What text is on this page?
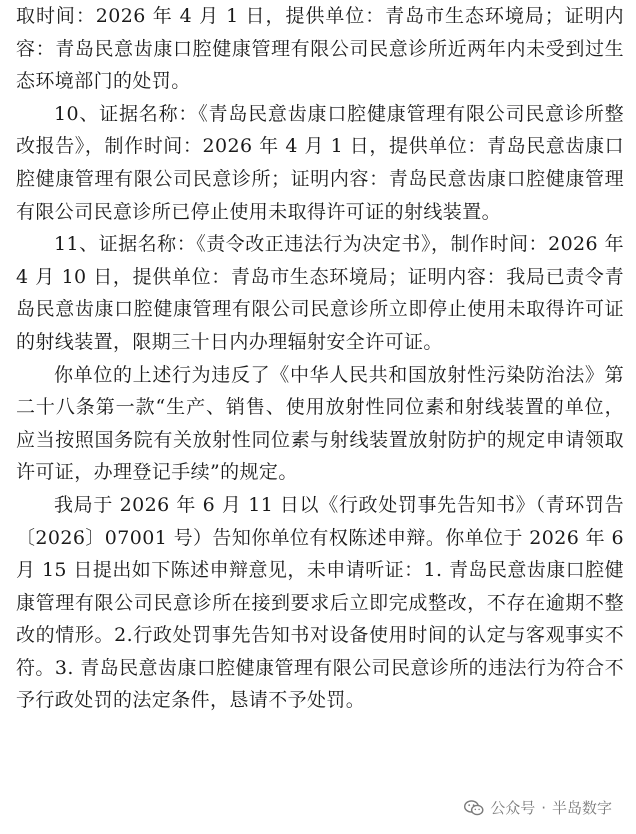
取时间：2026 年 4 月 1 日，提供单位：青岛市生态环境局；证明内容：青岛民意齿康口腔健康管理有限公司民意诊所近两年内未受到过生态环境部门的处罚。

10、证据名称：《青岛民意齿康口腔健康管理有限公司民意诊所整改报告》，制作时间：2026 年 4 月 1 日，提供单位：青岛民意齿康口腔健康管理有限公司民意诊所；证明内容：青岛民意齿康口腔健康管理有限公司民意诊所已停止使用未取得许可证的射线装置。

11、证据名称：《责令改正违法行为决定书》，制作时间：2026 年 4 月 10 日，提供单位：青岛市生态环境局；证明内容：我局已责令青岛民意齿康口腔健康管理有限公司民意诊所立即停止使用未取得许可证的射线装置，限期三十日内办理辐射安全许可证。

你单位的上述行为违反了《中华人民共和国放射性污染防治法》第二十八条第一款“生产、销售、使用放射性同位素和射线装置的单位，应当按照国务院有关放射性同位素与射线装置放射防护的规定申请领取许可证，办理登记手续”的规定。

我局于 2026 年 6 月 11 日以《行政处罚事先告知书》（青环罚告〔2026〕07001 号）告知你单位有权陈述申辩。你单位于 2026 年 6 月 15 日提出如下陈述申辩意见，未申请听证：1. 青岛民意齿康口腔健康管理有限公司民意诊所在接到要求后立即完成整改，不存在逾期不整改的情形。2.行政处罚事先告知书对设备使用时间的认定与客观事实不符。3. 青岛民意齿康口腔健康管理有限公司民意诊所的违法行为符合不予行政处罚的法定条件，恳请不予处罚。

公众号 · 半岛数字
